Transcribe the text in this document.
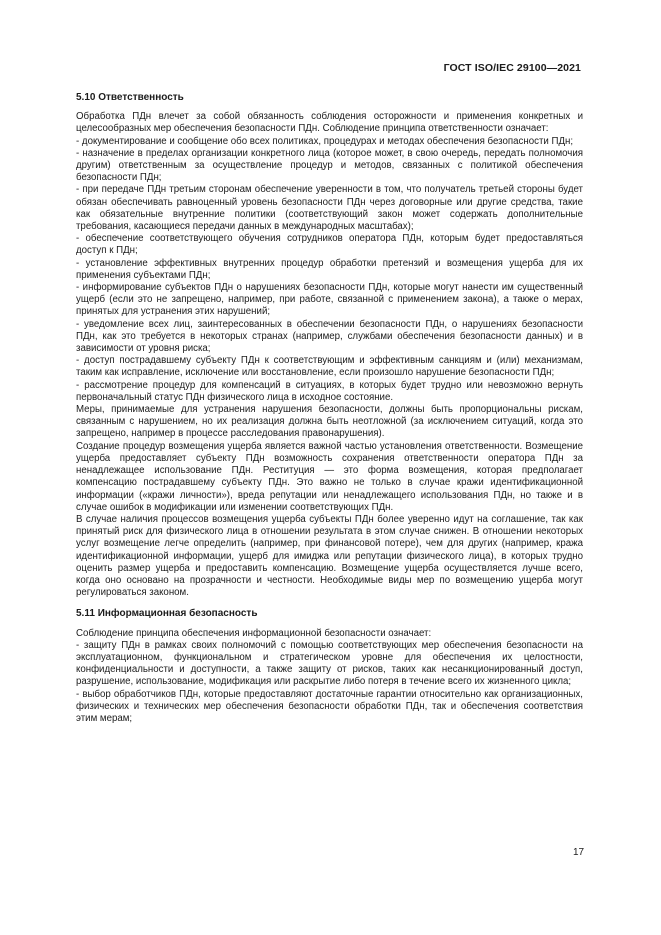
ГОСТ ISO/IEC 29100—2021
5.10 Ответственность

Обработка ПДн влечет за собой обязанность соблюдения осторожности и применения конкретных и целесообразных мер обеспечения безопасности ПДн. Соблюдение принципа ответственности означает:

- документирование и сообщение обо всех политиках, процедурах и методах обеспечения безопасности ПДн;

- назначение в пределах организации конкретного лица (которое может, в свою очередь, передать полномочия другим) ответственным за осуществление процедур и методов, связанных с политикой обеспечения безопасности ПДн;

- при передаче ПДн третьим сторонам обеспечение уверенности в том, что получатель третьей стороны будет обязан обеспечивать равноценный уровень безопасности ПДн через договорные или другие средства, такие как обязательные внутренние политики (соответствующий закон может содержать дополнительные требования, касающиеся передачи данных в международных масштабах);

- обеспечение соответствующего обучения сотрудников оператора ПДн, которым будет предоставляться доступ к ПДн;

- установление эффективных внутренних процедур обработки претензий и возмещения ущерба для их применения субъектами ПДн;

- информирование субъектов ПДн о нарушениях безопасности ПДн, которые могут нанести им существенный ущерб (если это не запрещено, например, при работе, связанной с применением закона), а также о мерах, принятых для устранения этих нарушений;

- уведомление всех лиц, заинтересованных в обеспечении безопасности ПДн, о нарушениях безопасности ПДн, как это требуется в некоторых странах (например, службами обеспечения безопасности данных) и в зависимости от уровня риска;

- доступ пострадавшему субъекту ПДн к соответствующим и эффективным санкциям и (или) механизмам, таким как исправление, исключение или восстановление, если произошло нарушение безопасности ПДн;

- рассмотрение процедур для компенсаций в ситуациях, в которых будет трудно или невозможно вернуть первоначальный статус ПДн физического лица в исходное состояние.

Меры, принимаемые для устранения нарушения безопасности, должны быть пропорциональны рискам, связанным с нарушением, но их реализация должна быть неотложной (за исключением ситуаций, когда это запрещено, например в процессе расследования правонарушения).

Создание процедур возмещения ущерба является важной частью установления ответственности. Возмещение ущерба предоставляет субъекту ПДн возможность сохранения ответственности оператора ПДн за ненадлежащее использование ПДн. Реституция — это форма возмещения, которая предполагает компенсацию пострадавшему субъекту ПДн. Это важно не только в случае кражи идентификационной информации («кражи личности»), вреда репутации или ненадлежащего использования ПДн, но также и в случае ошибок в модификации или изменении соответствующих ПДн.

В случае наличия процессов возмещения ущерба субъекты ПДн более уверенно идут на соглашение, так как принятый риск для физического лица в отношении результата в этом случае снижен. В отношении некоторых услуг возмещение легче определить (например, при финансовой потере), чем для других (например, кража идентификационной информации, ущерб для имиджа или репутации физического лица), в которых трудно оценить размер ущерба и предоставить компенсацию. Возмещение ущерба осуществляется лучше всего, когда оно основано на прозрачности и честности. Необходимые виды мер по возмещению ущерба могут регулироваться законом.

5.11 Информационная безопасность

Соблюдение принципа обеспечения информационной безопасности означает:

- защиту ПДн в рамках своих полномочий с помощью соответствующих мер обеспечения безопасности на эксплуатационном, функциональном и стратегическом уровне для обеспечения их целостности, конфиденциальности и доступности, а также защиту от рисков, таких как несанкционированный доступ, разрушение, использование, модификация или раскрытие либо потеря в течение всего их жизненного цикла;

- выбор обработчиков ПДн, которые предоставляют достаточные гарантии относительно как организационных, физических и технических мер обеспечения безопасности обработки ПДн, так и обеспечения соответствия этим мерам;

17
